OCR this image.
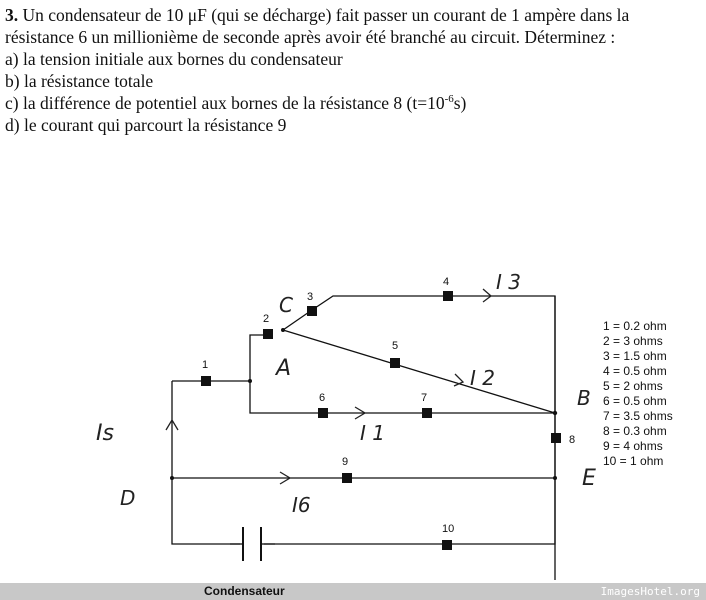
3. Un condensateur de 10 μF (qui se décharge) fait passer un courant de 1 ampère dans la

résistance 6 un millionième de seconde après avoir été branché au circuit. Déterminez :

a) la tension initiale aux bornes du condensateur

b) la résistance totale

c) la différence de potentiel aux bornes de la résistance 8 $(t=10^{-6}s)$

d) le courant qui parcourt la résistance 9

1
2
3
4
5
6	7
8
9
10
C
A
B
D
E
Is
I 3
I 2
I 1
I6
1 = 0.2 ohm
2 = 3 ohms
3 = 1.5 ohm
4 = 0.5 ohm
5 = 2 ohms
6 = 0.5 ohm
7 = 3.5 ohms
8 = 0.3 ohm
9 = 4 ohms
10 = 1 ohm
Condensateur	ImagesHotel.org
